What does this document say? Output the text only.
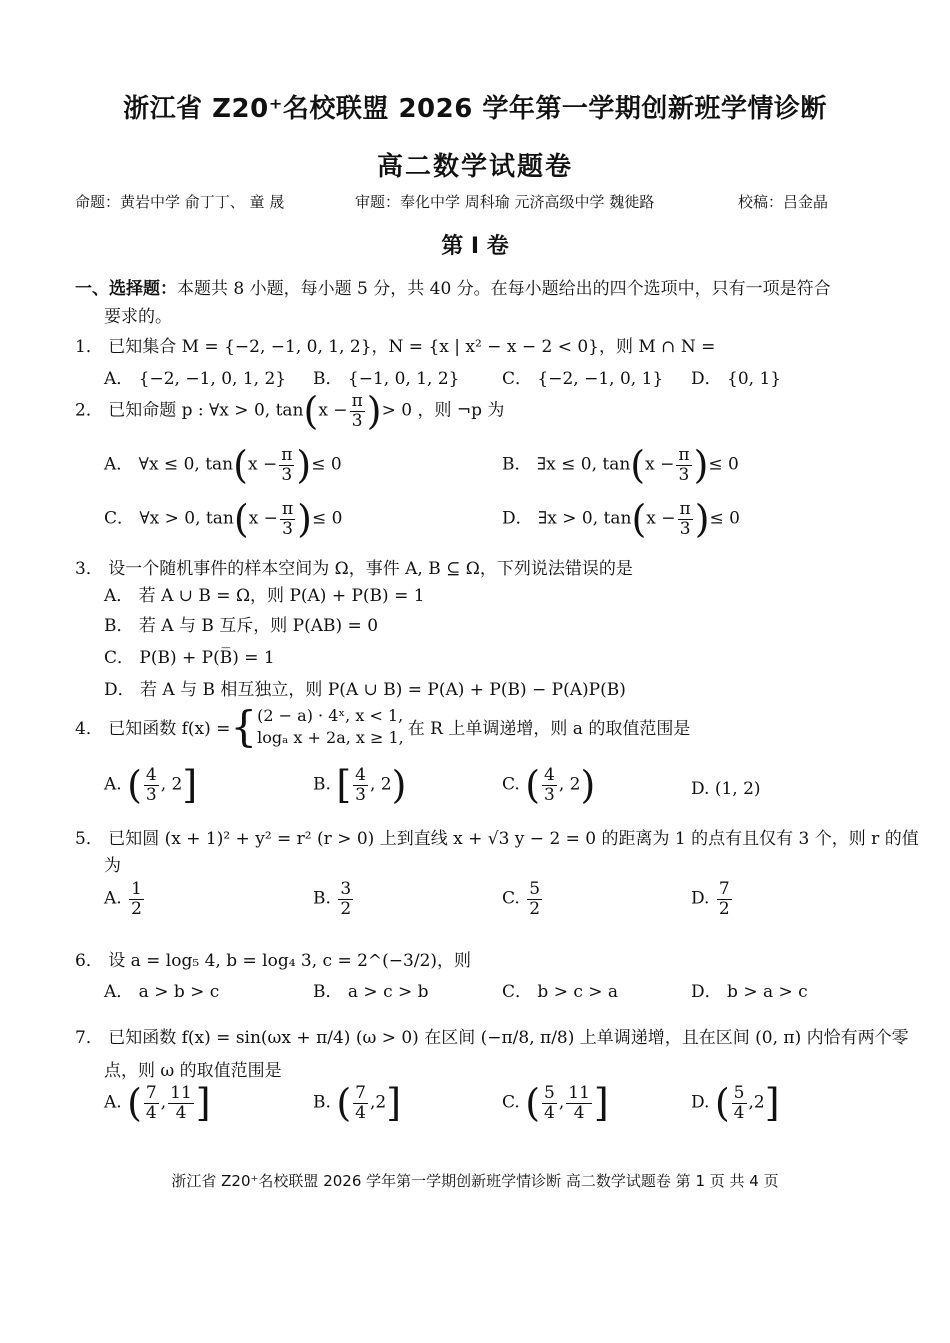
浙江省 Z20⁺名校联盟 2026 学年第一学期创新班学情诊断
高二数学试题卷
命题：黄岩中学 俞丁丁、 童 晟	审题：奉化中学 周科瑜 元济高级中学 魏徙路	校稿：吕金晶
第 I 卷
一、选择题：本题共 8 小题，每小题 5 分，共 40 分。在每小题给出的四个选项中，只有一项是符合
要求的。
1． 已知集合 M = {−2, −1, 0, 1, 2}，N = {x | x² − x − 2 < 0}，则 M ∩ N =
A． {−2, −1, 0, 1, 2} B． {−1, 0, 1, 2}	C． {−2, −1, 0, 1} D． {0, 1}
2． 已知命题 p : ∀x > 0, $\tan(x - \frac{\pi}{3}$ )> 0 ，则 ¬p 为
A． ∀x ≤ 0, $\tan(x - \frac{\pi}{3}$ )≤ 0	B． ∃x ≤ 0, $\tan(x - \frac{\pi}{3}$ )≤ 0
C． ∀x > 0, $\tan(x - \frac{\pi}{3}$ )≤ 0	D． ∃x > 0, $\tan(x - \frac{\pi}{3}$ )≤ 0
3． 设一个随机事件的样本空间为 Ω，事件 A, B ⊆ Ω，下列说法错误的是
A． 若 A ∪ B = Ω，则 P(A) + P(B) = 1
B． 若 A 与 B 互斥，则 P(AB) = 0
C． P(B) + P(B̅) = 1
D． 若 A 与 B 相互独立，则 P(A ∪ B) = P(A) + P(B) − P(A)P(B)
4． 已知函数 f(x) ={ (2 − a) · 4ˣ, x < 1,
logₐ x + 2a, x ≥ 1, 在 R 上单调递增，则 a 的取值范围是
A. ( $\frac{4}{3}$ , 2]	B. [ $\frac{4}{3}$ , 2)	C. ( $\frac{4}{3}$ , 2)	D. (1, 2)
5． 已知圆 (x + 1)² + y² = r² (r > 0) 上到直线 x + √3 y − 2 = 0 的距离为 1 的点有且仅有 3 个，则 r 的值
为
A. $\frac{1}{2}$	B. $\frac{3}{2}$	C. $\frac{5}{2}$	D. $\frac{7}{2}$
6． 设 a = log₅ 4, b = log₄ 3, c = 2^(−3/2)，则
A． a > b > c	B． a > c > b	C． b > c > a	D． b > a > c
7． 已知函数 f(x) = sin(ωx + π/4) (ω > 0) 在区间 (−π/8, π/8) 上单调递增，且在区间 (0, π) 内恰有两个零
点，则 ω 的取值范围是
A. ( $\frac{7}{4}$ , $\frac{11}{4}$ ]	B. ( $\frac{7}{4} ,2$]	C. ( $\frac{5}{4}$ , $\frac{11}{4}$ ]	D. ( $\frac{5}{4} ,2$]
浙江省 Z20⁺名校联盟 2026 学年第一学期创新班学情诊断 高二数学试题卷 第 1 页 共 4 页
